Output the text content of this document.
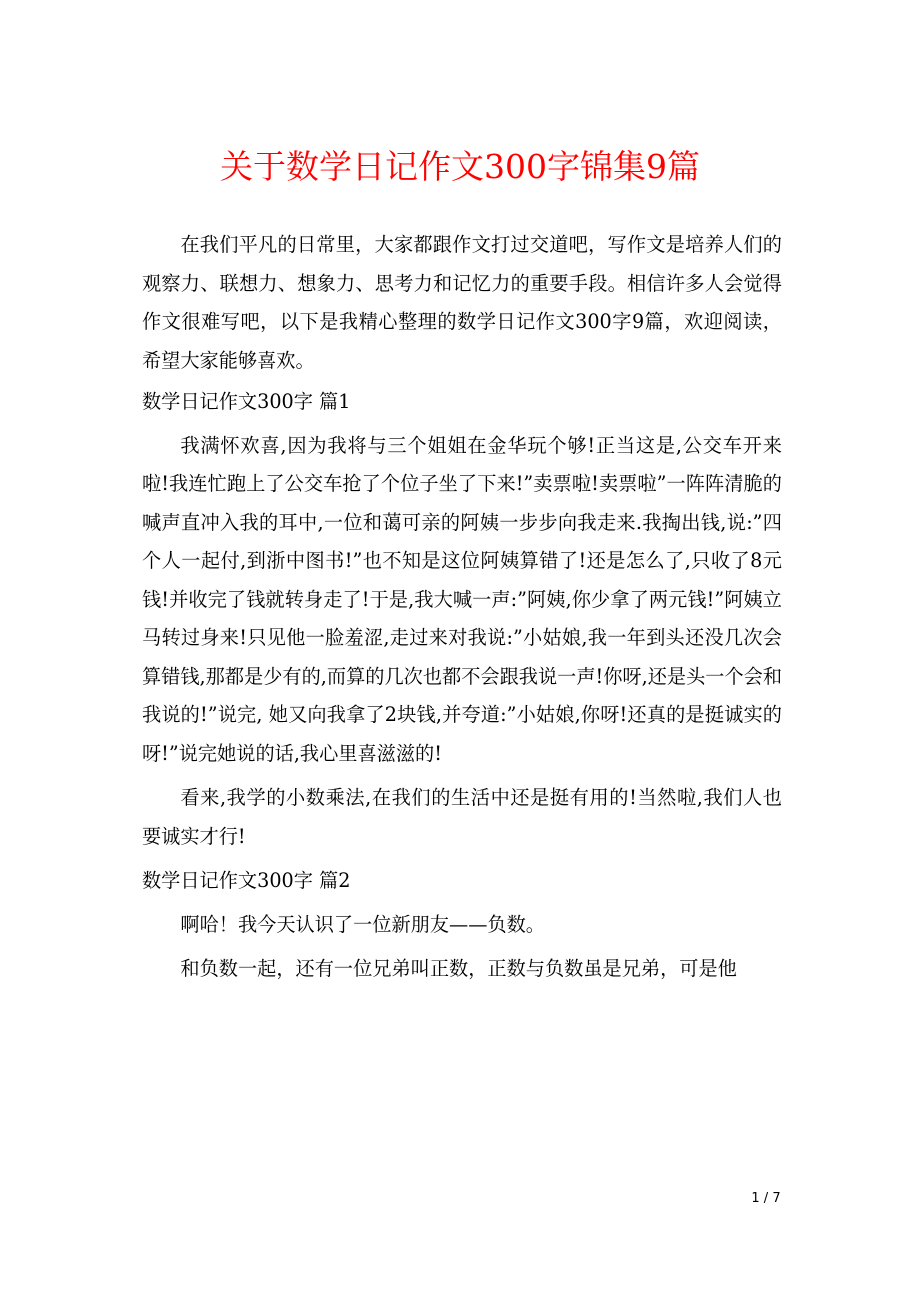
关于数学日记作文300字锦集9篇

在我们平凡的日常里，大家都跟作文打过交道吧，写作文是培养人们的观察力、联想力、想象力、思考力和记忆力的重要手段。相信许多人会觉得作文很难写吧，以下是我精心整理的数学日记作文300字9篇，欢迎阅读，希望大家能够喜欢。

数学日记作文300字 篇1

我满怀欢喜,因为我将与三个姐姐在金华玩个够!正当这是,公交车开来啦!我连忙跑上了公交车抢了个位子坐了下来!”卖票啦!卖票啦”一阵阵清脆的喊声直冲入我的耳中,一位和蔼可亲的阿姨一步步向我走来.我掏出钱,说:”四个人一起付,到浙中图书!”也不知是这位阿姨算错了!还是怎么了,只收了8元钱!并收完了钱就转身走了!于是,我大喊一声:”阿姨,你少拿了两元钱!”阿姨立马转过身来!只见他一脸羞涩,走过来对我说:”小姑娘,我一年到头还没几次会算错钱,那都是少有的,而算的几次也都不会跟我说一声!你呀,还是头一个会和我说的!”说完, 她又向我拿了2块钱,并夸道:”小姑娘,你呀!还真的是挺诚实的呀!”说完她说的话,我心里喜滋滋的!

看来,我学的小数乘法,在我们的生活中还是挺有用的!当然啦,我们人也要诚实才行!

数学日记作文300字 篇2

啊哈！我今天认识了一位新朋友——负数。

和负数一起，还有一位兄弟叫正数，正数与负数虽是兄弟，可是他

1 / 7
